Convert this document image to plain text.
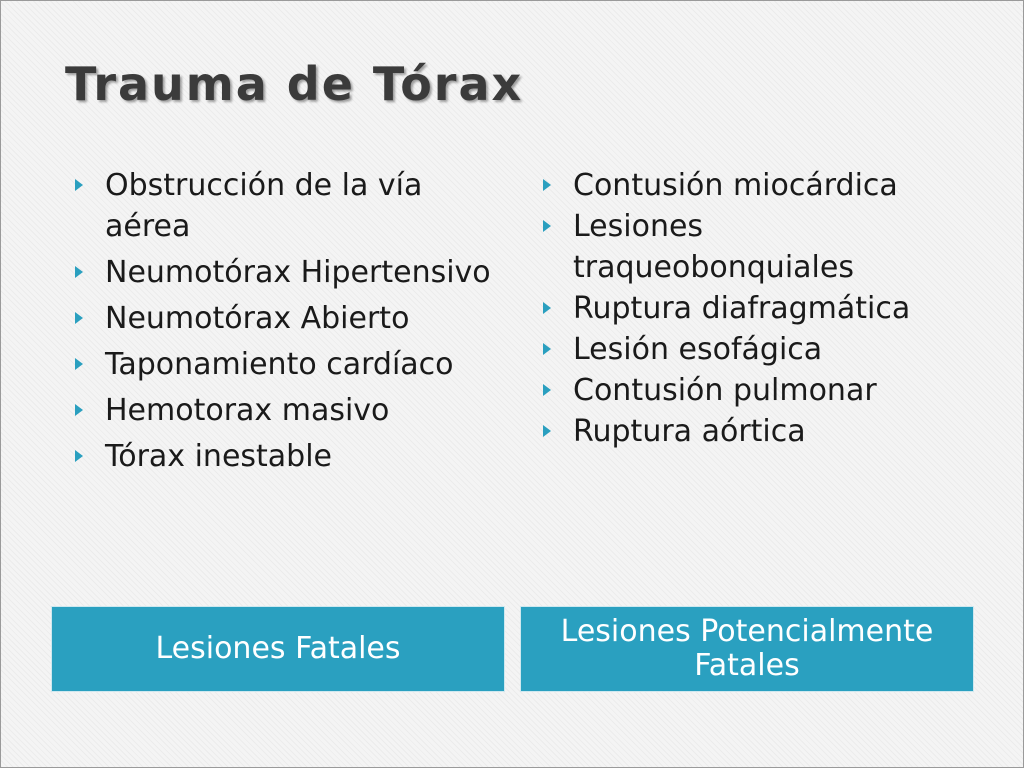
Trauma de Tórax
Obstrucción de la vía aérea
Neumotórax Hipertensivo
Neumotórax Abierto
Taponamiento cardíaco
Hemotorax masivo
Tórax inestable
Contusión miocárdica
Lesiones traqueobonquiales
Ruptura diafragmática
Lesión esofágica
Contusión pulmonar
Ruptura aórtica
Lesiones Fatales	Lesiones Potencialmente Fatales
